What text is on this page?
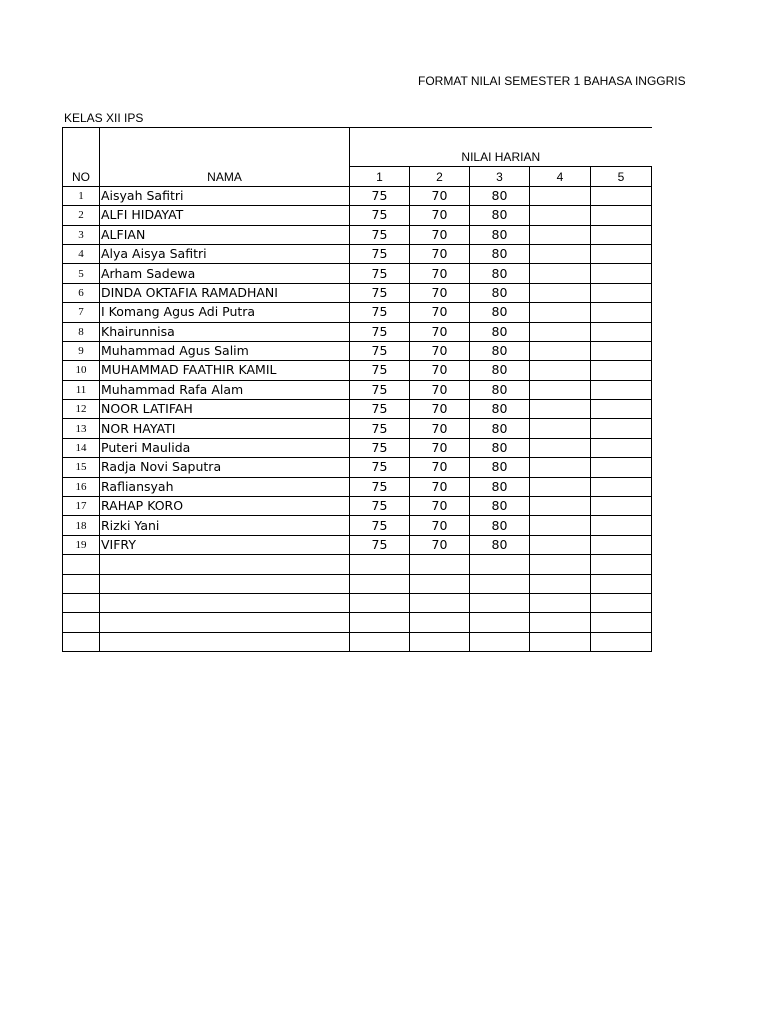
FORMAT NILAI SEMESTER 1 BAHASA INGGRIS
KELAS XII IPS
NO	NAMA					
		NILAI HARIAN				
		1	2	3	4	5
1	Aisyah Safitri	75	70	80		
2	ALFI HIDAYAT	75	70	80		
3	ALFIAN	75	70	80		
4	Alya Aisya Safitri	75	70	80		
5	Arham Sadewa	75	70	80		
6	DINDA OKTAFIA RAMADHANI	75	70	80		
7	I Komang Agus Adi Putra	75	70	80		
8	Khairunnisa	75	70	80		
9	Muhammad Agus Salim	75	70	80		
10	MUHAMMAD FAATHIR KAMIL	75	70	80		
11	Muhammad Rafa Alam	75	70	80		
12	NOOR LATIFAH	75	70	80		
13	NOR HAYATI	75	70	80		
14	Puteri Maulida	75	70	80		
15	Radja Novi Saputra	75	70	80		
16	Rafliansyah	75	70	80		
17	RAHAP KORO	75	70	80		
18	Rizki Yani	75	70	80		
19	VIFRY	75	70	80		
